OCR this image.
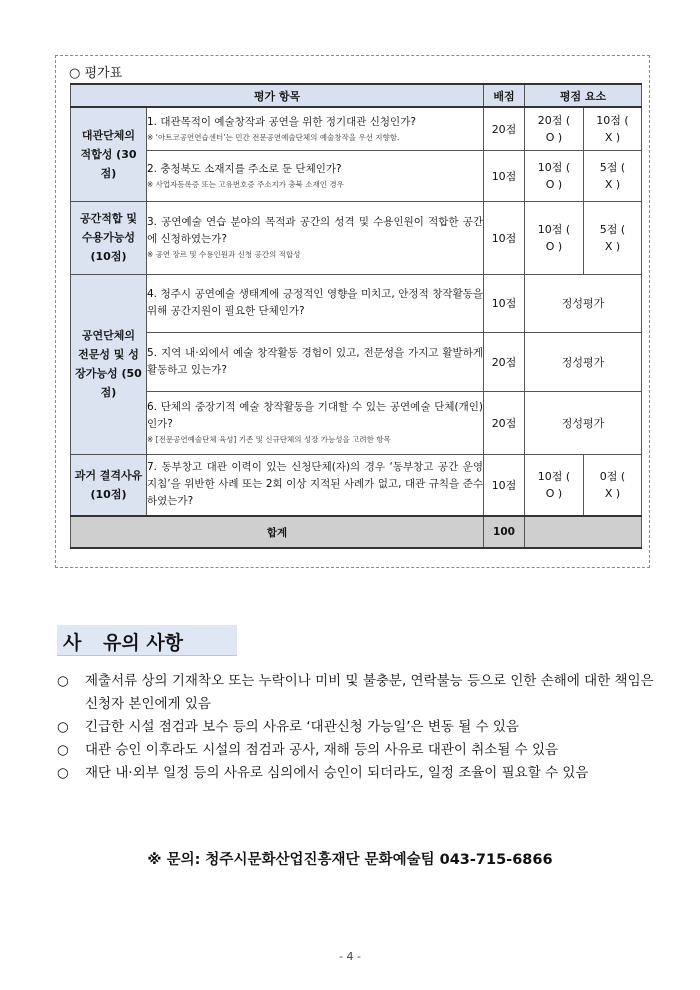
○ 평가표
평가 항목		배점	평점 요소	

대관단체의 적합성 (30점)	1. 대관목적이 예술창작과 공연을 위한 정기대관 신청인가?
※ ‘아트코공연연습센터’는 민간 전문공연예술단체의 예술창작을 우선 지향함.	20점	20점 ( O )	10점 ( X )

	2. 충청북도 소재지를 주소로 둔 단체인가?
※ 사업자등록증 또는 고유번호증 주소지가 충북 소재인 경우	10점	10점 ( O )	5점 ( X )

공간적합 및 수용가능성 (10점)	3. 공연예술 연습 분야의 목적과 공간의 성격 및 수용인원이 적합한 공간에 신청하였는가?
※ 공연 장르 및 수용인원과 신청 공간의 적합성	10점	10점 ( O )	5점 ( X )

공연단체의 전문성 및 성장가능성 (50점)	4. 청주시 공연예술 생태계에 긍정적인 영향을 미치고, 안정적 창작활동을 위해 공간지원이 필요한 단체인가?	10점	정성평가	

	5. 지역 내·외에서 예술 창작활동 경험이 있고, 전문성을 가지고 활발하게 활동하고 있는가?	20점	정성평가	

	6. 단체의 중장기적 예술 창작활동을 기대할 수 있는 공연예술 단체(개인)인가?
※ [전문공연예술단체 육성] 기존 및 신규단체의 성장 가능성을 고려한 항목	20점	정성평가	

과거 결격사유 (10점)	7. 동부창고 대관 이력이 있는 신청단체(자)의 경우 ‘동부창고 공간 운영 지침’을 위반한 사례 또는 2회 이상 지적된 사례가 없고, 대관 규칙을 준수하였는가?	10점	10점 ( O )	0점 ( X )

합계		100		
사 유의 사항
○ 제출서류 상의 기재착오 또는 누락이나 미비 및 불충분, 연락불능 등으로 인한 손해에 대한 책임은 신청자 본인에게 있음
○ 긴급한 시설 점검과 보수 등의 사유로 ‘대관신청 가능일’은 변동 될 수 있음
○ 대관 승인 이후라도 시설의 점검과 공사, 재해 등의 사유로 대관이 취소될 수 있음
○ 재단 내·외부 일정 등의 사유로 심의에서 승인이 되더라도, 일정 조율이 필요할 수 있음
※ 문의: 청주시문화산업진흥재단 문화예술팀 043-715-6866
- 4 -
